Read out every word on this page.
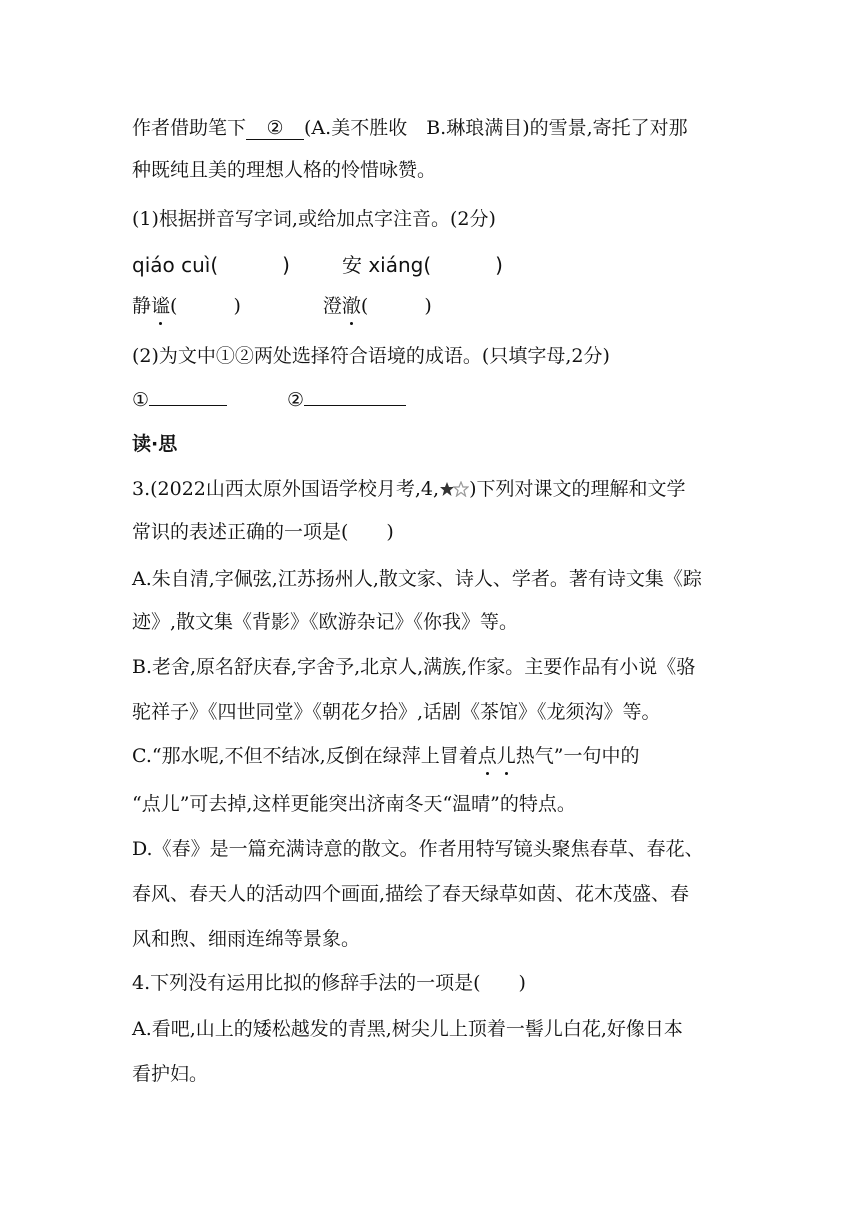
作者借助笔下 ② (A.美不胜收　B.琳琅满目)的雪景,寄托了对那
种既纯且美的理想人格的怜惜咏赞。
(1)根据拼音写字词,或给加点字注音。(2分)
qiáo cuì(	)	安 xiáng(	)
静谧(	)	澄澈(	)
(2)为文中①②两处选择符合语境的成语。(只填字母,2分)
①	②
读·思
3.(2022山西太原外国语学校月考,4, )下列对课文的理解和文学
常识的表述正确的一项是(　　)
A.朱自清,字佩弦,江苏扬州人,散文家、诗人、学者。著有诗文集《踪
迹》,散文集《背影》《欧游杂记》《你我》等。
B.老舍,原名舒庆春,字舍予,北京人,满族,作家。主要作品有小说《骆
驼祥子》《四世同堂》《朝花夕拾》,话剧《茶馆》《龙须沟》等。
C.“那水呢,不但不结冰,反倒在绿萍上冒着点儿热气”一句中的
“点儿”可去掉,这样更能突出济南冬天“温晴”的特点。
D.《春》是一篇充满诗意的散文。作者用特写镜头聚焦春草、春花、
春风、春天人的活动四个画面,描绘了春天绿草如茵、花木茂盛、春
风和煦、细雨连绵等景象。
4.下列没有运用比拟的修辞手法的一项是(　　)
A.看吧,山上的矮松越发的青黑,树尖儿上顶着一髻儿白花,好像日本
看护妇。
